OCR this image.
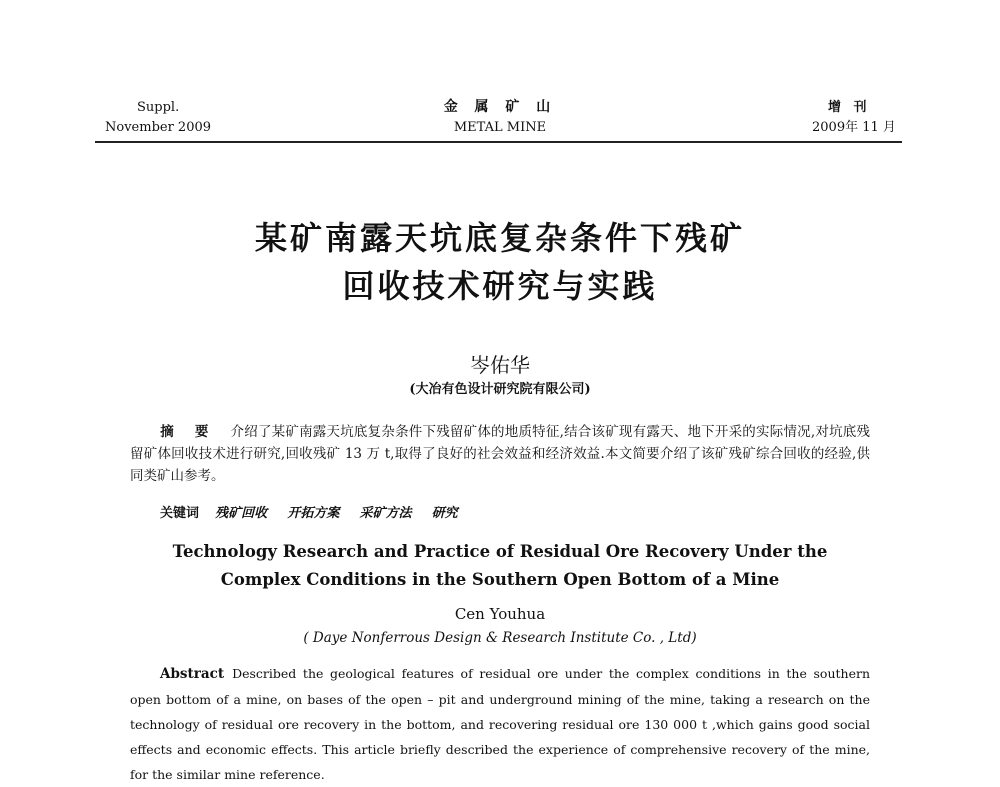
Suppl.
November 2009
金 属 矿 山
METAL MINE
增 刊
2009年 11 月
某矿南露天坑底复杂条件下残矿
回收技术研究与实践
岑佑华
(大冶有色设计研究院有限公司)
摘 要 介绍了某矿南露天坑底复杂条件下残留矿体的地质特征,结合该矿现有露天、地下开采的实际情况,对坑底残留矿体回收技术进行研究,回收残矿 13 万 t,取得了良好的社会效益和经济效益.本文简要介绍了该矿残矿综合回收的经验,供同类矿山参考。
关键词 残矿回收 开拓方案 采矿方法 研究
Technology Research and Practice of Residual Ore Recovery Under the
Complex Conditions in the Southern Open Bottom of a Mine
Cen Youhua
( Daye Nonferrous Design & Research Institute Co. , Ltd)
Abstract Described the geological features of residual ore under the complex conditions in the southern open bottom of a mine, on bases of the open – pit and underground mining of the mine, taking a research on the technology of residual ore recovery in the bottom, and recovering residual ore 130 000 t ,which gains good social effects and economic effects. This article briefly described the experience of comprehensive recovery of the mine, for the similar mine reference.
